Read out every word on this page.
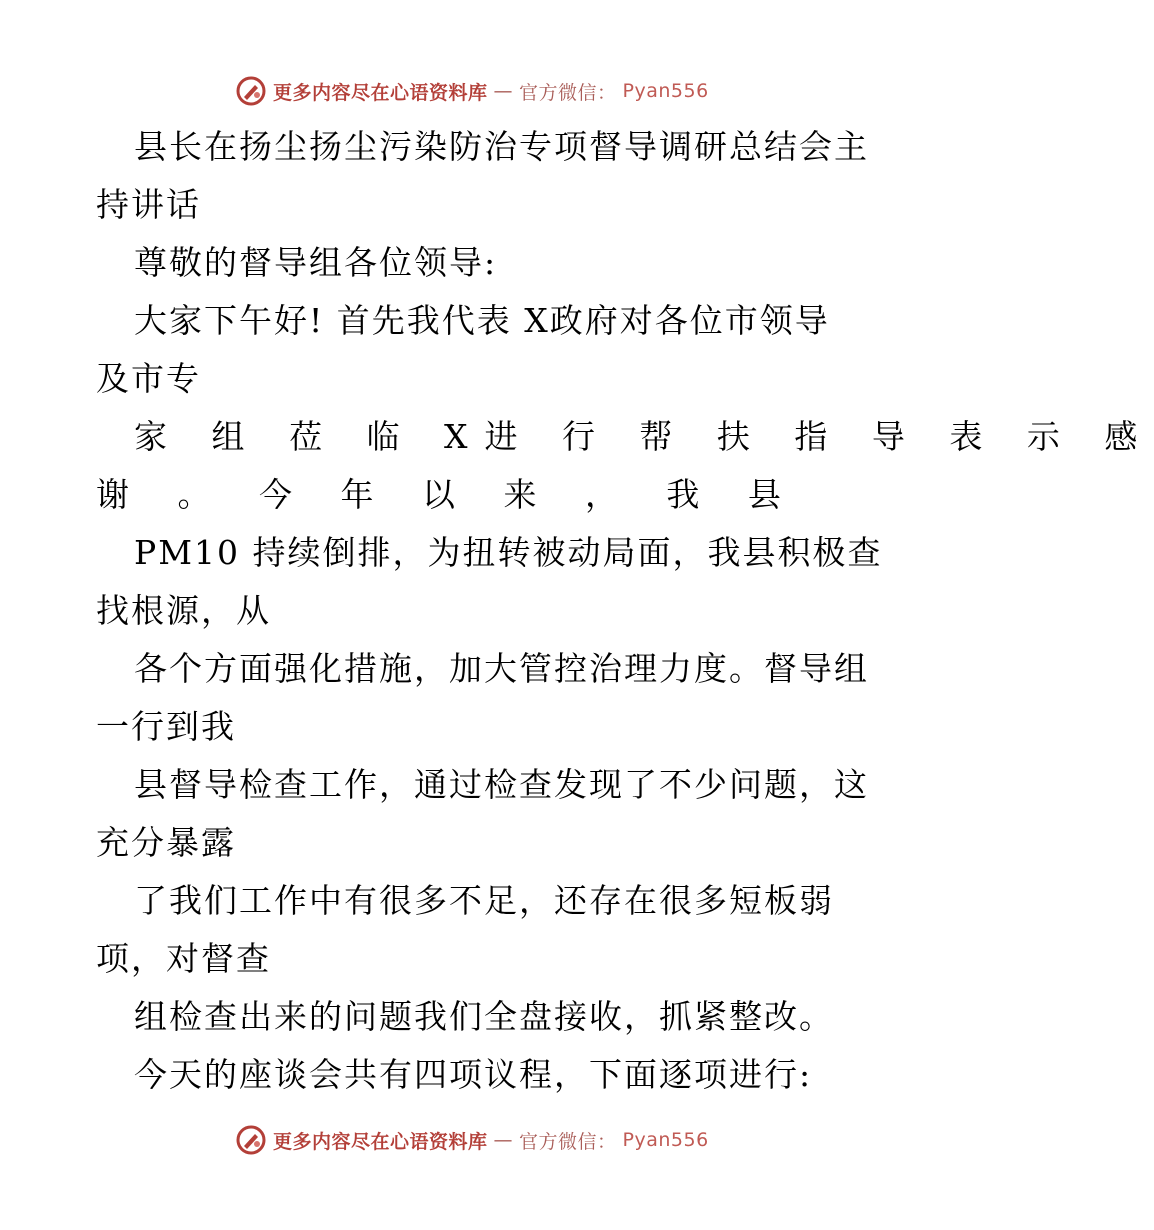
更多内容尽在心语资料库 — 官方微信： Pyan556
县长在扬尘扬尘污染防治专项督导调研总结会主
持讲话
尊敬的督导组各位领导:
大家下午好! 首先我代表 X政府对各位市领导
及市专
家 组 莅 临 X进 行 帮 扶 指 导 表 示 感
谢 。 今 年 以 来 ， 我 县
PM10 持续倒排，为扭转被动局面，我县积极查
找根源，从
各个方面强化措施，加大管控治理力度。督导组
一行到我
县督导检查工作，通过检查发现了不少问题，这
充分暴露
了我们工作中有很多不足，还存在很多短板弱
项，对督查
组检查出来的问题我们全盘接收，抓紧整改。
今天的座谈会共有四项议程，下面逐项进行:
更多内容尽在心语资料库 — 官方微信： Pyan556
